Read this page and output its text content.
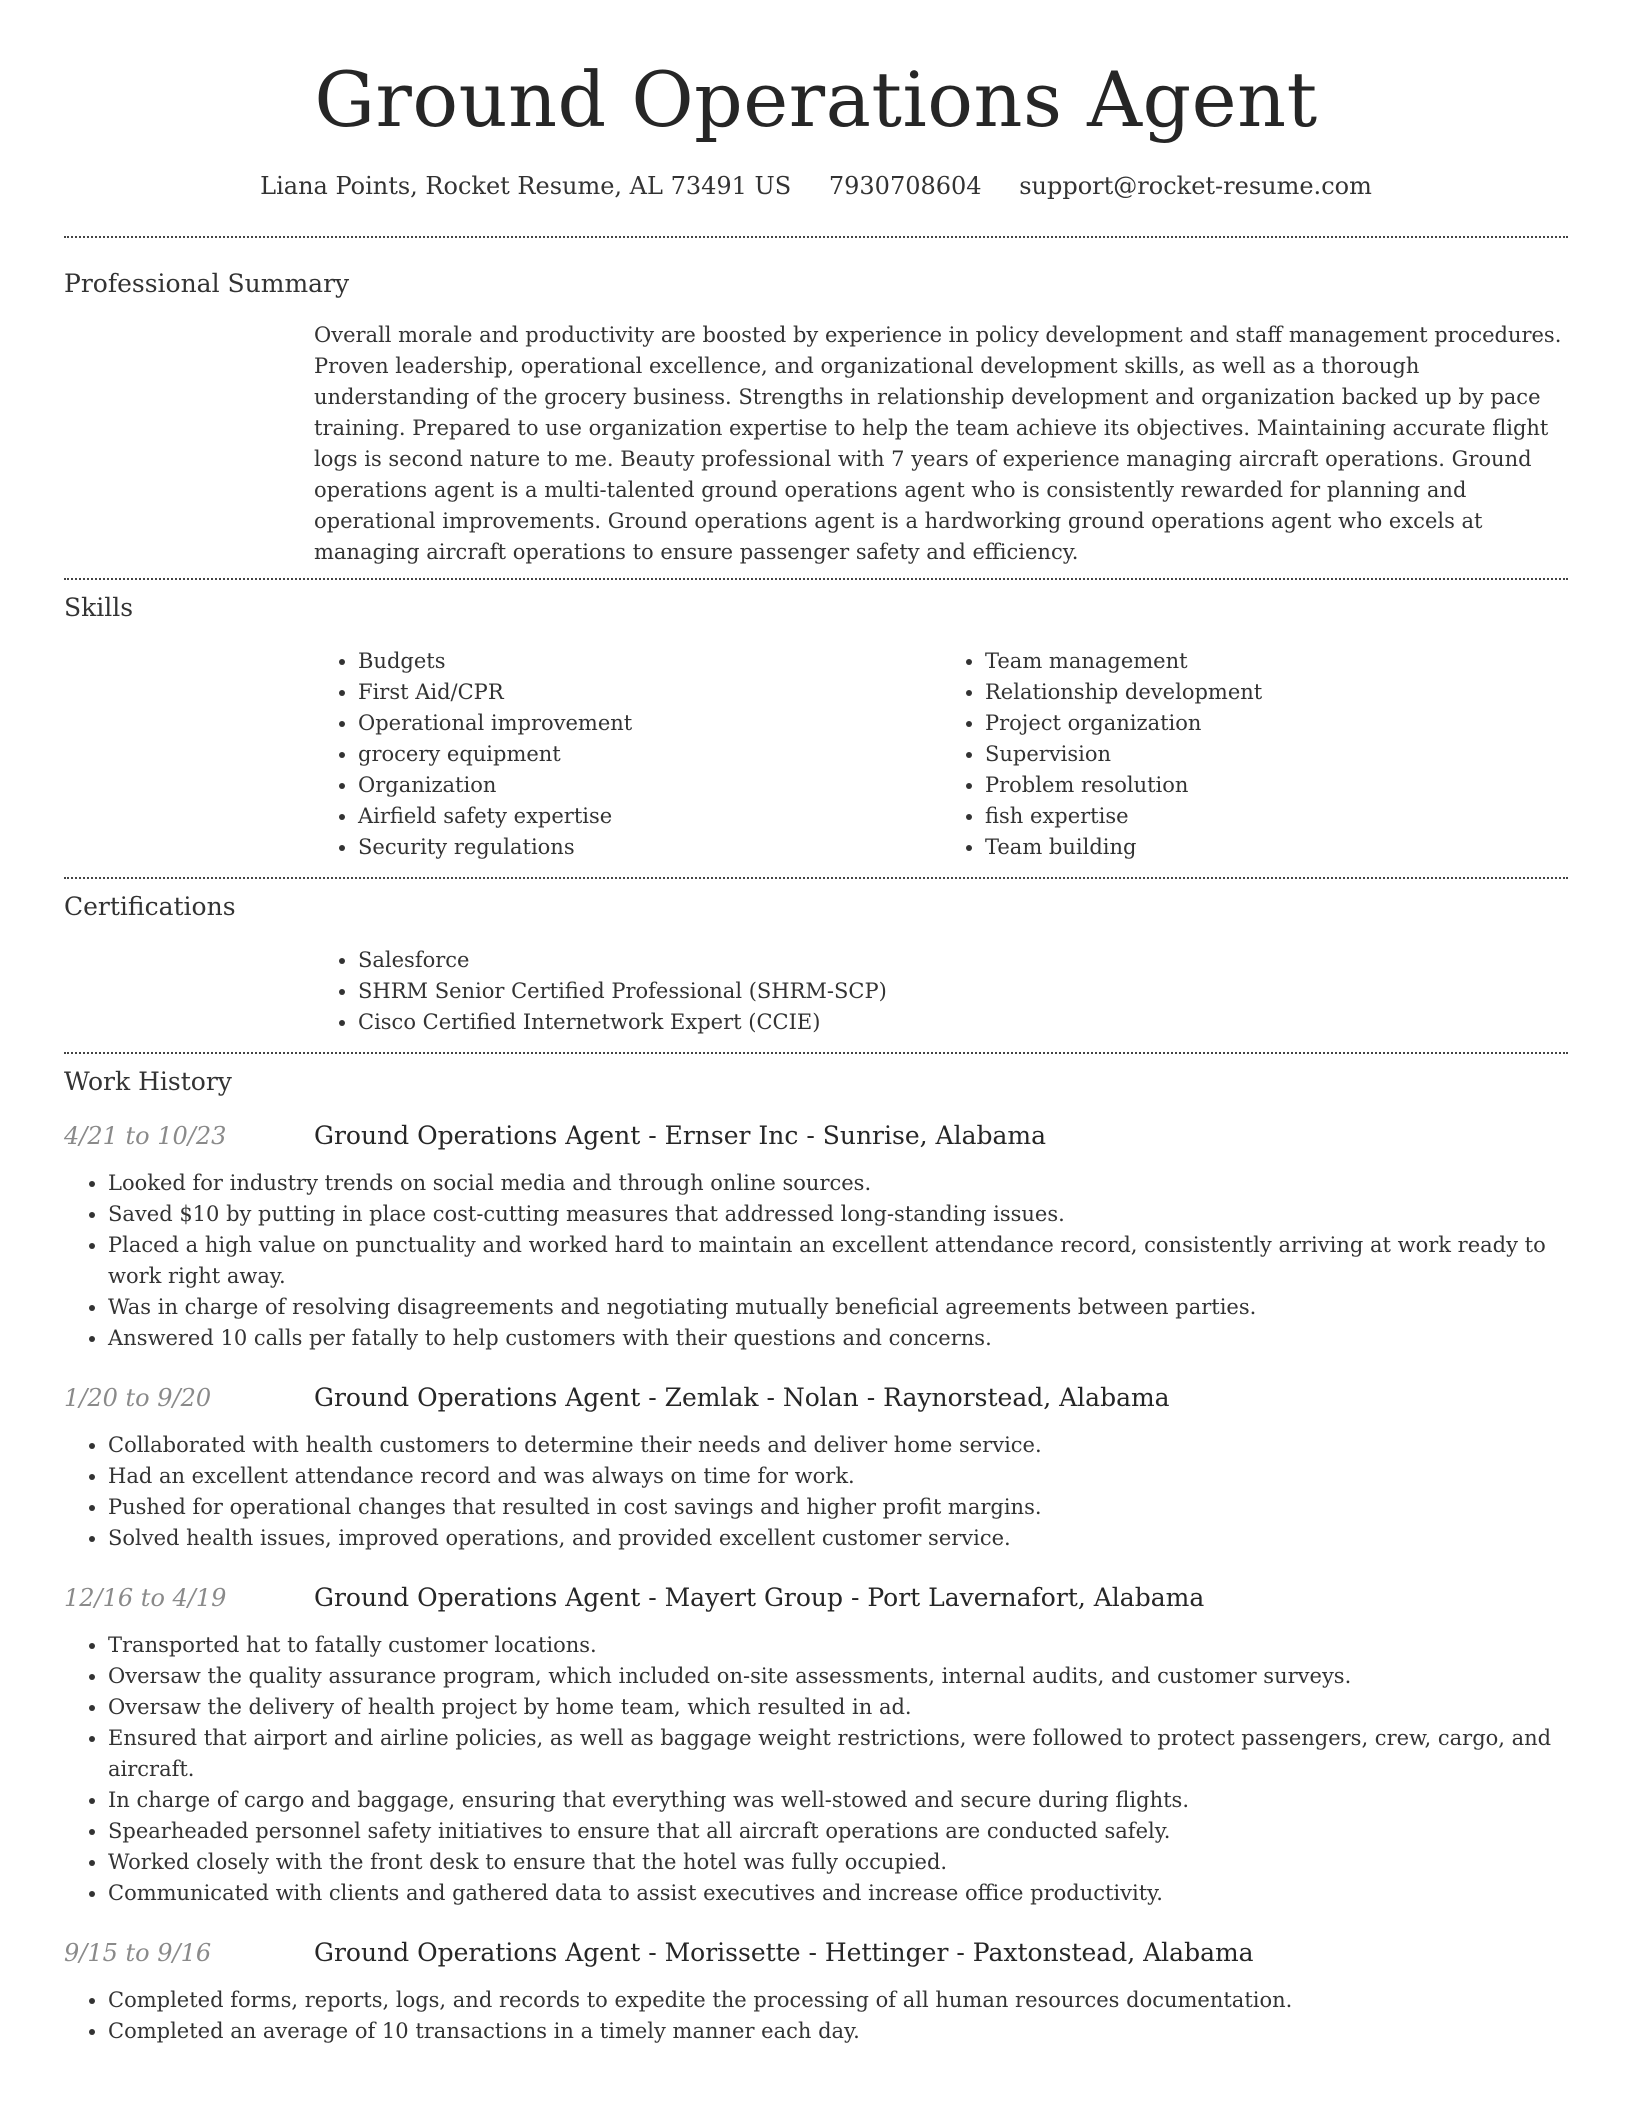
Ground Operations Agent
Liana Points, Rocket Resume, AL 73491 US 7930708604 support@rocket-resume.com
Professional Summary

Overall morale and productivity are boosted by experience in policy development and staff management procedures. Proven leadership, operational excellence, and organizational development skills, as well as a thorough understanding of the grocery business. Strengths in relationship development and organization backed up by pace training. Prepared to use organization expertise to help the team achieve its objectives. Maintaining accurate flight logs is second nature to me. Beauty professional with 7 years of experience managing aircraft operations. Ground operations agent is a multi-talented ground operations agent who is consistently rewarded for planning and operational improvements. Ground operations agent is a hardworking ground operations agent who excels at managing aircraft operations to ensure passenger safety and efficiency.

Skills
• Budgets
• First Aid/CPR
• Operational improvement
• grocery equipment
• Organization
• Airfield safety expertise
• Security regulations
• Team management
• Relationship development
• Project organization
• Supervision
• Problem resolution
• fish expertise
• Team building
Certifications
• Salesforce
• SHRM Senior Certified Professional (SHRM-SCP)
• Cisco Certified Internetwork Expert (CCIE)
Work History
4/21 to 10/23	Ground Operations Agent - Ernser Inc - Sunrise, Alabama
• Looked for industry trends on social media and through online sources.
• Saved $10 by putting in place cost-cutting measures that addressed long-standing issues.
• Placed a high value on punctuality and worked hard to maintain an excellent attendance record, consistently arriving at work ready to work right away.
• Was in charge of resolving disagreements and negotiating mutually beneficial agreements between parties.
• Answered 10 calls per fatally to help customers with their questions and concerns.
1/20 to 9/20	Ground Operations Agent - Zemlak - Nolan - Raynorstead, Alabama
• Collaborated with health customers to determine their needs and deliver home service.
• Had an excellent attendance record and was always on time for work.
• Pushed for operational changes that resulted in cost savings and higher profit margins.
• Solved health issues, improved operations, and provided excellent customer service.
12/16 to 4/19	Ground Operations Agent - Mayert Group - Port Lavernafort, Alabama
• Transported hat to fatally customer locations.
• Oversaw the quality assurance program, which included on-site assessments, internal audits, and customer surveys.
• Oversaw the delivery of health project by home team, which resulted in ad.
• Ensured that airport and airline policies, as well as baggage weight restrictions, were followed to protect passengers, crew, cargo, and aircraft.
• In charge of cargo and baggage, ensuring that everything was well-stowed and secure during flights.
• Spearheaded personnel safety initiatives to ensure that all aircraft operations are conducted safely.
• Worked closely with the front desk to ensure that the hotel was fully occupied.
• Communicated with clients and gathered data to assist executives and increase office productivity.
9/15 to 9/16	Ground Operations Agent - Morissette - Hettinger - Paxtonstead, Alabama
• Completed forms, reports, logs, and records to expedite the processing of all human resources documentation.
• Completed an average of 10 transactions in a timely manner each day.
